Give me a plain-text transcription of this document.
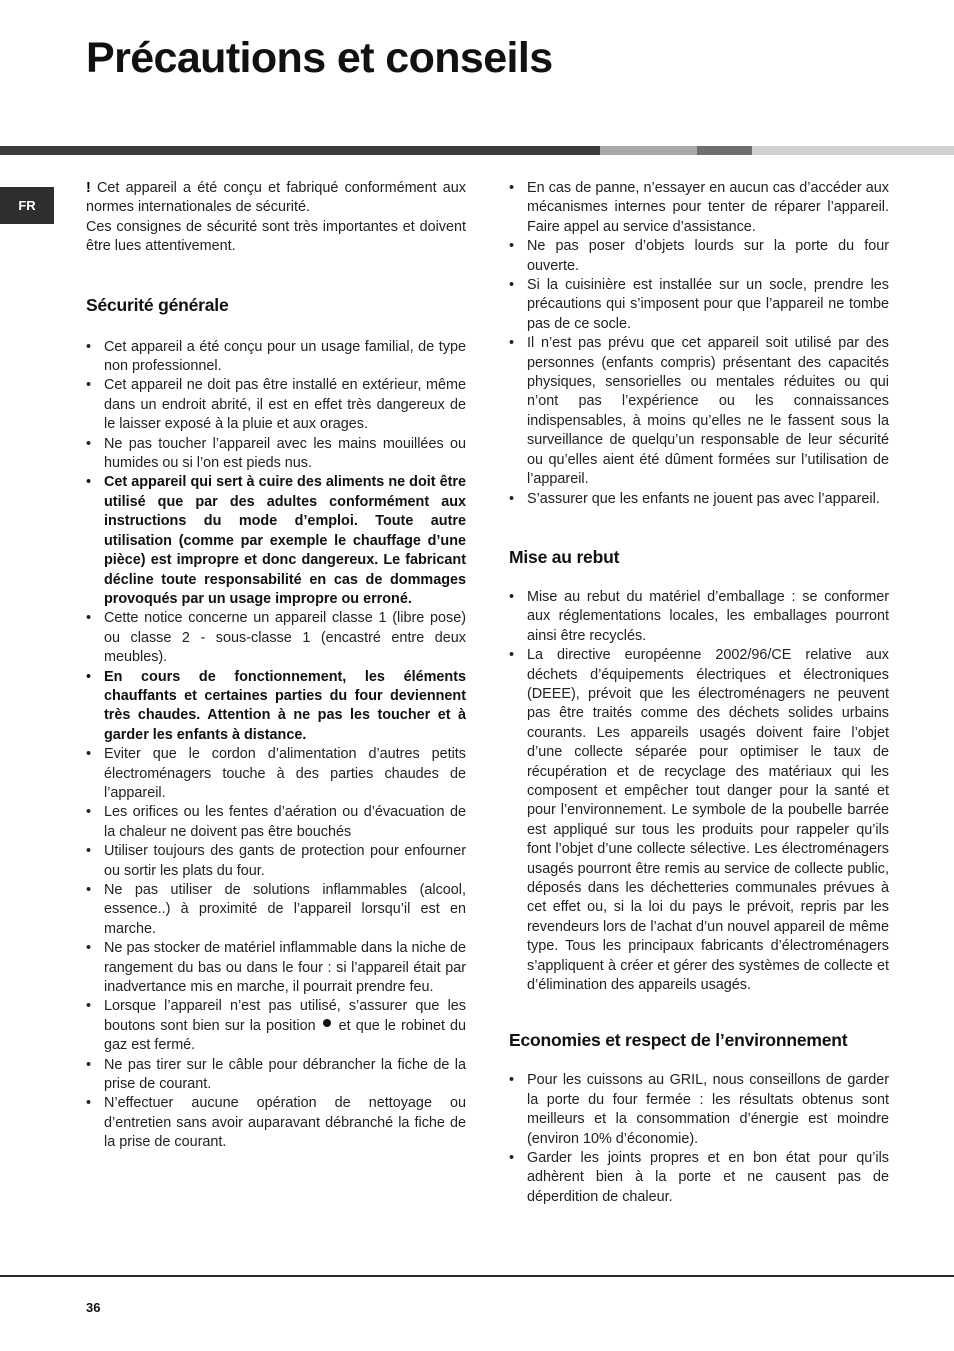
Précautions et conseils
FR

! Cet appareil a été conçu et fabriqué conformément aux normes internationales de sécurité.

Ces consignes de sécurité sont très importantes et doivent être lues attentivement.

Sécurité générale
• Cet appareil a été conçu pour un usage familial, de type non professionnel.
• Cet appareil ne doit pas être installé en extérieur, même dans un endroit abrité, il est en effet très dangereux de le laisser exposé à la pluie et aux orages.
• Ne pas toucher l’appareil avec les mains mouillées ou humides ou si l’on est pieds nus.
• Cet appareil qui sert à cuire des aliments ne doit être utilisé que par des adultes conformément aux instructions du mode d’emploi. Toute autre utilisation (comme par exemple le chauffage d’une pièce) est impropre et donc dangereux. Le fabricant décline toute responsabilité en cas de dommages provoqués par un usage impropre ou erroné.
• Cette notice concerne un appareil classe 1 (libre pose) ou classe 2 - sous-classe 1 (encastré entre deux meubles).
• En cours de fonctionnement, les éléments chauffants et certaines parties du four deviennent très chaudes. Attention à ne pas les toucher et à garder les enfants à distance.
• Eviter que le cordon d’alimentation d’autres petits électroménagers touche à des parties chaudes de l’appareil.
• Les orifices ou les fentes d’aération ou d’évacuation de la chaleur ne doivent pas être bouchés
• Utiliser toujours des gants de protection pour enfourner ou sortir les plats du four.
• Ne pas utiliser de solutions inflammables (alcool, essence..) à proximité de l’appareil lorsqu’il est en marche.
• Ne pas stocker de matériel inflammable dans la niche de rangement du bas ou dans le four : si l’appareil était par inadvertance mis en marche, il pourrait prendre feu.
• Lorsque l’appareil n’est pas utilisé, s’assurer que les boutons sont bien sur la position  et que le robinet du gaz est fermé.
• Ne pas tirer sur le câble pour débrancher la fiche de la prise de courant.
• N’effectuer aucune opération de nettoyage ou d’entretien sans avoir auparavant débranché la fiche de la prise de courant.
• En cas de panne, n’essayer en aucun cas d’accéder aux mécanismes internes pour tenter de réparer l’appareil. Faire appel au service d’assistance.
• Ne pas poser d’objets lourds sur la porte du four ouverte.
• Si la cuisinière est installée sur un socle, prendre les précautions qui s’imposent pour que l’appareil ne tombe pas de ce socle.
• Il n’est pas prévu que cet appareil soit utilisé par des personnes (enfants compris) présentant des capacités physiques, sensorielles ou mentales réduites ou qui n’ont pas l’expérience ou les connaissances indispensables, à moins qu’elles ne le fassent sous la surveillance de quelqu’un responsable de leur sécurité ou qu’elles aient été dûment formées sur l’utilisation de l’appareil.
• S’assurer que les enfants ne jouent pas avec l’appareil.
Mise au rebut
• Mise au rebut du matériel d’emballage : se conformer aux réglementations locales, les emballages pourront ainsi être recyclés.
• La directive européenne 2002/96/CE relative aux déchets d’équipements électriques et électroniques (DEEE), prévoit que les électroménagers ne peuvent pas être traités comme des déchets solides urbains courants. Les appareils usagés doivent faire l’objet d’une collecte séparée pour optimiser le taux de récupération et de recyclage des matériaux qui les composent et empêcher tout danger pour la santé et pour l’environnement. Le symbole de la poubelle barrée est appliqué sur tous les produits pour rappeler qu’ils font l’objet d’une collecte sélective. Les électroménagers usagés pourront être remis au service de collecte public, déposés dans les déchetteries communales prévues à cet effet ou, si la loi du pays le prévoit, repris par les revendeurs lors de l’achat d’un nouvel appareil de même type. Tous les principaux fabricants d’électroménagers s’appliquent à créer et gérer des systèmes de collecte et d’élimination des appareils usagés.
Economies et respect de l’environnement
• Pour les cuissons au GRIL, nous conseillons de garder la porte du four fermée : les résultats obtenus sont meilleurs et la consommation d’énergie est moindre (environ 10% d’économie).
• Garder les joints propres et en bon état pour qu’ils adhèrent bien à la porte et ne causent pas de déperdition de chaleur.
36
